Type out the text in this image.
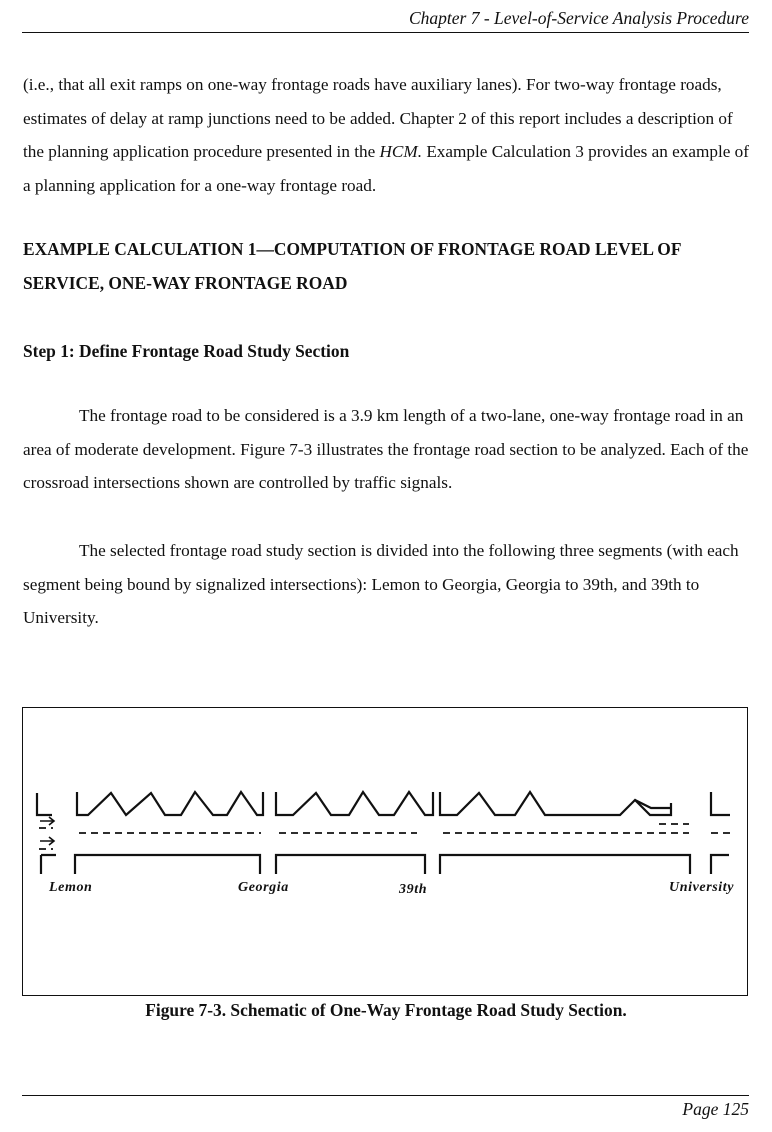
Chapter 7 - Level-of-Service Analysis Procedure

(i.e., that all exit ramps on one-way frontage roads have auxiliary lanes). For two-way frontage roads, estimates of delay at ramp junctions need to be added. Chapter 2 of this report includes a description of the planning application procedure presented in the HCM. Example Calculation 3 provides an example of a planning application for a one-way frontage road.

EXAMPLE CALCULATION 1—COMPUTATION OF FRONTAGE ROAD LEVEL OF SERVICE, ONE-WAY FRONTAGE ROAD

Step 1: Define Frontage Road Study Section

The frontage road to be considered is a 3.9 km length of a two-lane, one-way frontage road in an area of moderate development. Figure 7-3 illustrates the frontage road section to be analyzed. Each of the crossroad intersections shown are controlled by traffic signals.

The selected frontage road study section is divided into the following three segments (with each segment being bound by signalized intersections): Lemon to Georgia, Georgia to 39th, and 39th to University.

Lemon	Georgia	39th	University
Figure 7-3. Schematic of One-Way Frontage Road Study Section.
Page 125
